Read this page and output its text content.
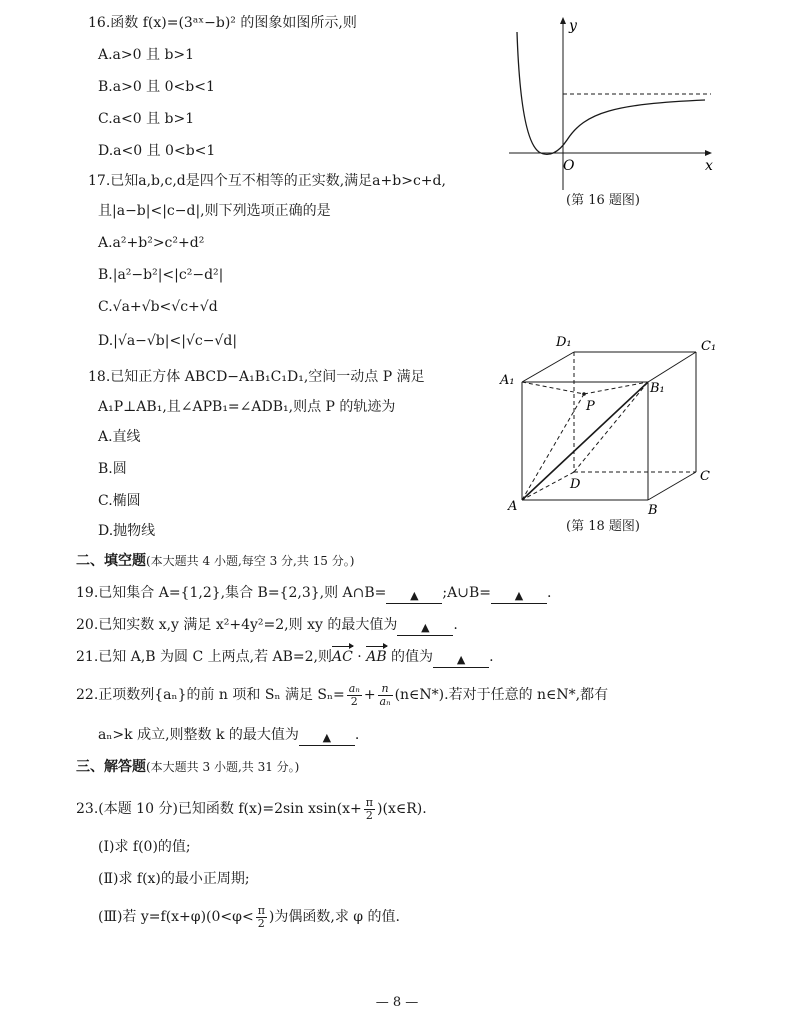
16.函数 f(x)=(3ᵃˣ−b)² 的图象如图所示,则
A.a>0 且 b>1
B.a>0 且 0<b<1
C.a<0 且 b>1
D.a<0 且 0<b<1
y
x
O
(第 16 题图)
17.已知a,b,c,d是四个互不相等的正实数,满足a+b>c+d,
且|a−b|<|c−d|,则下列选项正确的是
A.a²+b²>c²+d²
B.|a²−b²|<|c²−d²|
C.√a+√b<√c+√d
D.|√a−√b|<|√c−√d|
18.已知正方体 ABCD−A₁B₁C₁D₁,空间一动点 P 满足
A₁P⊥AB₁,且∠APB₁=∠ADB₁,则点 P 的轨迹为
A.直线
B.圆
C.椭圆
D.抛物线
D₁	C₁
A₁
B₁
P
D
C
A	B
(第 18 题图)
二、填空题(本大题共 4 小题,每空 3 分,共 15 分。)
19.已知集合 A={1,2},集合 B={2,3},则 A∩B= ▲ ;A∪B= ▲ .
20.已知实数 x,y 满足 x²+4y²=2,则 xy 的最大值为 ▲ .
21.已知 A,B 为圆 C 上两点,若 AB=2,则AC · AB 的值为 ▲ .
22.正项数列{aₙ}的前 n 项和 Sₙ 满足 $S_n= \frac{\text{aₙ}}{2} + \frac{n}{\text{aₙ}}$ (n∈N*).若对于任意的 n∈N*,都有
aₙ>k 成立,则整数 k 的最大值为 ▲ .
三、解答题(本大题共 3 小题,共 31 分。)
23.(本题 10 分)已知函数 f(x)=2sin $xsin(x+ \frac{\pi}{2}$ )(x∈R).
(Ⅰ)求 f(0)的值;
(Ⅱ)求 f(x)的最小正周期;
(Ⅲ)若 $y=f(x+\varphi)(0<\varphi< \frac{\pi}{2}$ )为偶函数,求 φ 的值.
— 8 —
